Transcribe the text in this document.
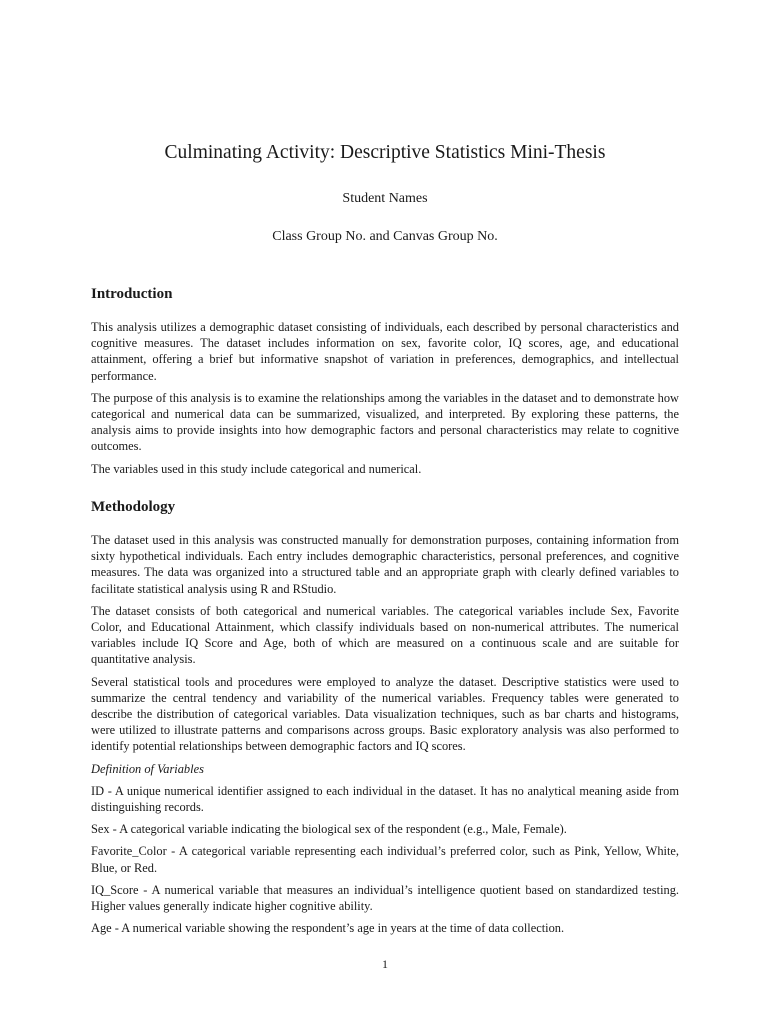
Culminating Activity: Descriptive Statistics Mini-Thesis
Student Names
Class Group No. and Canvas Group No.
Introduction

This analysis utilizes a demographic dataset consisting of individuals, each described by personal characteristics and cognitive measures. The dataset includes information on sex, favorite color, IQ scores, age, and educational attainment, offering a brief but informative snapshot of variation in preferences, demographics, and intellectual performance.

The purpose of this analysis is to examine the relationships among the variables in the dataset and to demonstrate how categorical and numerical data can be summarized, visualized, and interpreted. By exploring these patterns, the analysis aims to provide insights into how demographic factors and personal characteristics may relate to cognitive outcomes.

The variables used in this study include categorical and numerical.

Methodology

The dataset used in this analysis was constructed manually for demonstration purposes, containing information from sixty hypothetical individuals. Each entry includes demographic characteristics, personal preferences, and cognitive measures. The data was organized into a structured table and an appropriate graph with clearly defined variables to facilitate statistical analysis using R and RStudio.

The dataset consists of both categorical and numerical variables. The categorical variables include Sex, Favorite Color, and Educational Attainment, which classify individuals based on non-numerical attributes. The numerical variables include IQ Score and Age, both of which are measured on a continuous scale and are suitable for quantitative analysis.

Several statistical tools and procedures were employed to analyze the dataset. Descriptive statistics were used to summarize the central tendency and variability of the numerical variables. Frequency tables were generated to describe the distribution of categorical variables. Data visualization techniques, such as bar charts and histograms, were utilized to illustrate patterns and comparisons across groups. Basic exploratory analysis was also performed to identify potential relationships between demographic factors and IQ scores.

Definition of Variables

ID - A unique numerical identifier assigned to each individual in the dataset. It has no analytical meaning aside from distinguishing records.

Sex - A categorical variable indicating the biological sex of the respondent (e.g., Male, Female).

Favorite_Color - A categorical variable representing each individual’s preferred color, such as Pink, Yellow, White, Blue, or Red.

IQ_Score - A numerical variable that measures an individual’s intelligence quotient based on standardized testing. Higher values generally indicate higher cognitive ability.

Age - A numerical variable showing the respondent’s age in years at the time of data collection.

1
